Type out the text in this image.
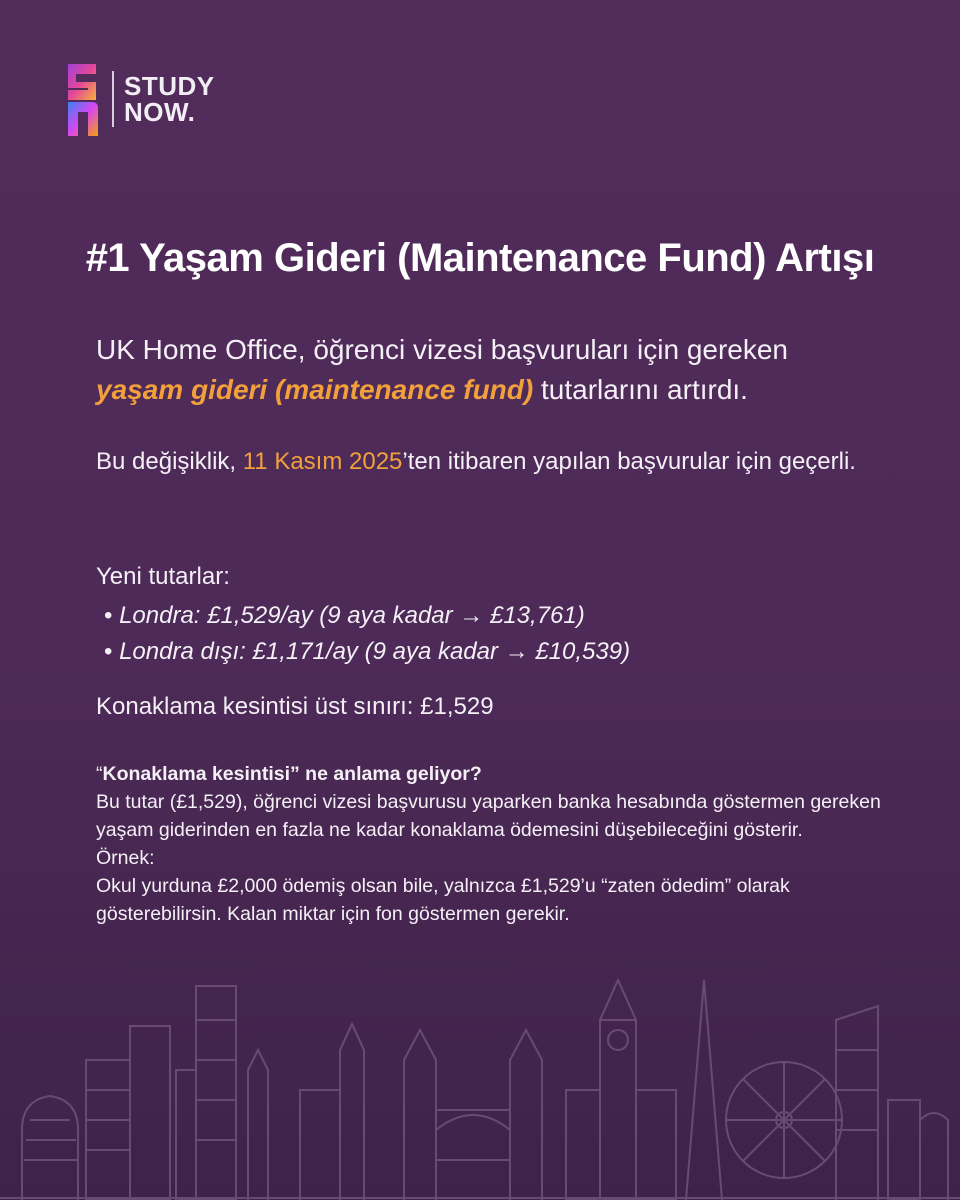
STUDY
NOW.
#1 Yaşam Gideri (Maintenance Fund) Artışı
UK Home Office, öğrenci vizesi başvuruları için gereken
yaşam gideri (maintenance fund) tutarlarını artırdı.
Bu değişiklik, 11 Kasım 2025’ten itibaren yapılan başvurular için geçerli.
Yeni tutarlar:
• Londra: £1,529/ay (9 aya kadar → £13,761)
• Londra dışı: £1,171/ay (9 aya kadar → £10,539)
Konaklama kesintisi üst sınırı: £1,529
“Konaklama kesintisi” ne anlama geliyor?
Bu tutar (£1,529), öğrenci vizesi başvurusu yaparken banka hesabında göstermen gereken yaşam giderinden en fazla ne kadar konaklama ödemesini düşebileceğini gösterir.
Örnek:
Okul yurduna £2,000 ödemiş olsan bile, yalnızca £1,529’u “zaten ödedim” olarak gösterebilirsin. Kalan miktar için fon göstermen gerekir.
